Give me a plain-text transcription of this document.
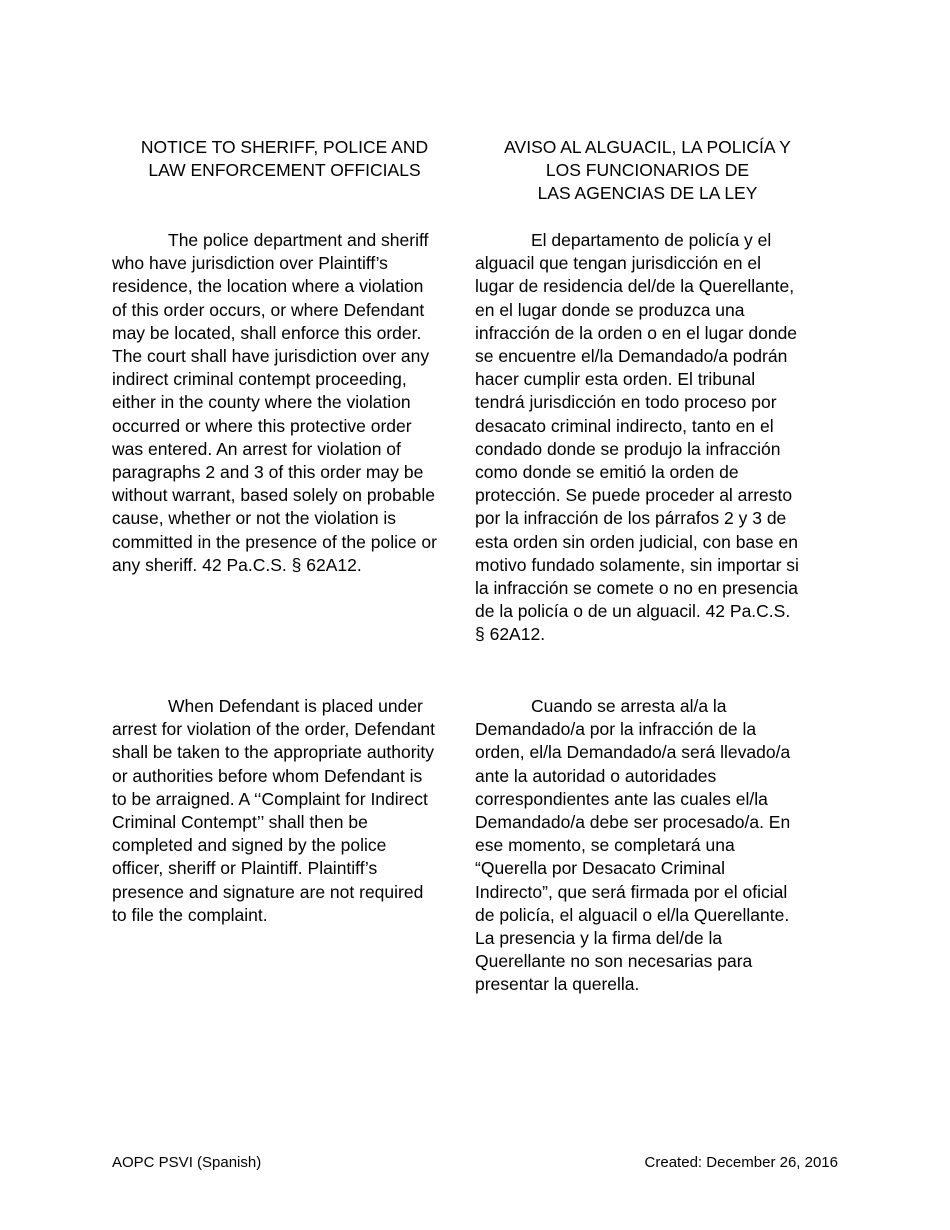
NOTICE TO SHERIFF, POLICE AND
LAW ENFORCEMENT OFFICIALS
AVISO AL ALGUACIL, LA POLICÍA Y
LOS FUNCIONARIOS DE
LAS AGENCIAS DE LA LEY
The police department and sheriff
who have jurisdiction over Plaintiff’s
residence, the location where a violation
of this order occurs, or where Defendant
may be located, shall enforce this order.
The court shall have jurisdiction over any
indirect criminal contempt proceeding,
either in the county where the violation
occurred or where this protective order
was entered. An arrest for violation of
paragraphs 2 and 3 of this order may be
without warrant, based solely on probable
cause, whether or not the violation is
committed in the presence of the police or
any sheriff. 42 Pa.C.S. § 62A12.
El departamento de policía y el
alguacil que tengan jurisdicción en el
lugar de residencia del/de la Querellante,
en el lugar donde se produzca una
infracción de la orden o en el lugar donde
se encuentre el/la Demandado/a podrán
hacer cumplir esta orden. El tribunal
tendrá jurisdicción en todo proceso por
desacato criminal indirecto, tanto en el
condado donde se produjo la infracción
como donde se emitió la orden de
protección. Se puede proceder al arresto
por la infracción de los párrafos 2 y 3 de
esta orden sin orden judicial, con base en
motivo fundado solamente, sin importar si
la infracción se comete o no en presencia
de la policía o de un alguacil. 42 Pa.C.S.
§ 62A12.
When Defendant is placed under
arrest for violation of the order, Defendant
shall be taken to the appropriate authority
or authorities before whom Defendant is
to be arraigned. A ‘‘Complaint for Indirect
Criminal Contempt’’ shall then be
completed and signed by the police
officer, sheriff or Plaintiff. Plaintiff’s
presence and signature are not required
to file the complaint.
Cuando se arresta al/a la
Demandado/a por la infracción de la
orden, el/la Demandado/a será llevado/a
ante la autoridad o autoridades
correspondientes ante las cuales el/la
Demandado/a debe ser procesado/a. En
ese momento, se completará una
“Querella por Desacato Criminal
Indirecto”, que será firmada por el oficial
de policía, el alguacil o el/la Querellante.
La presencia y la firma del/de la
Querellante no son necesarias para
presentar la querella.
AOPC PSVI (Spanish)	Created: December 26, 2016
